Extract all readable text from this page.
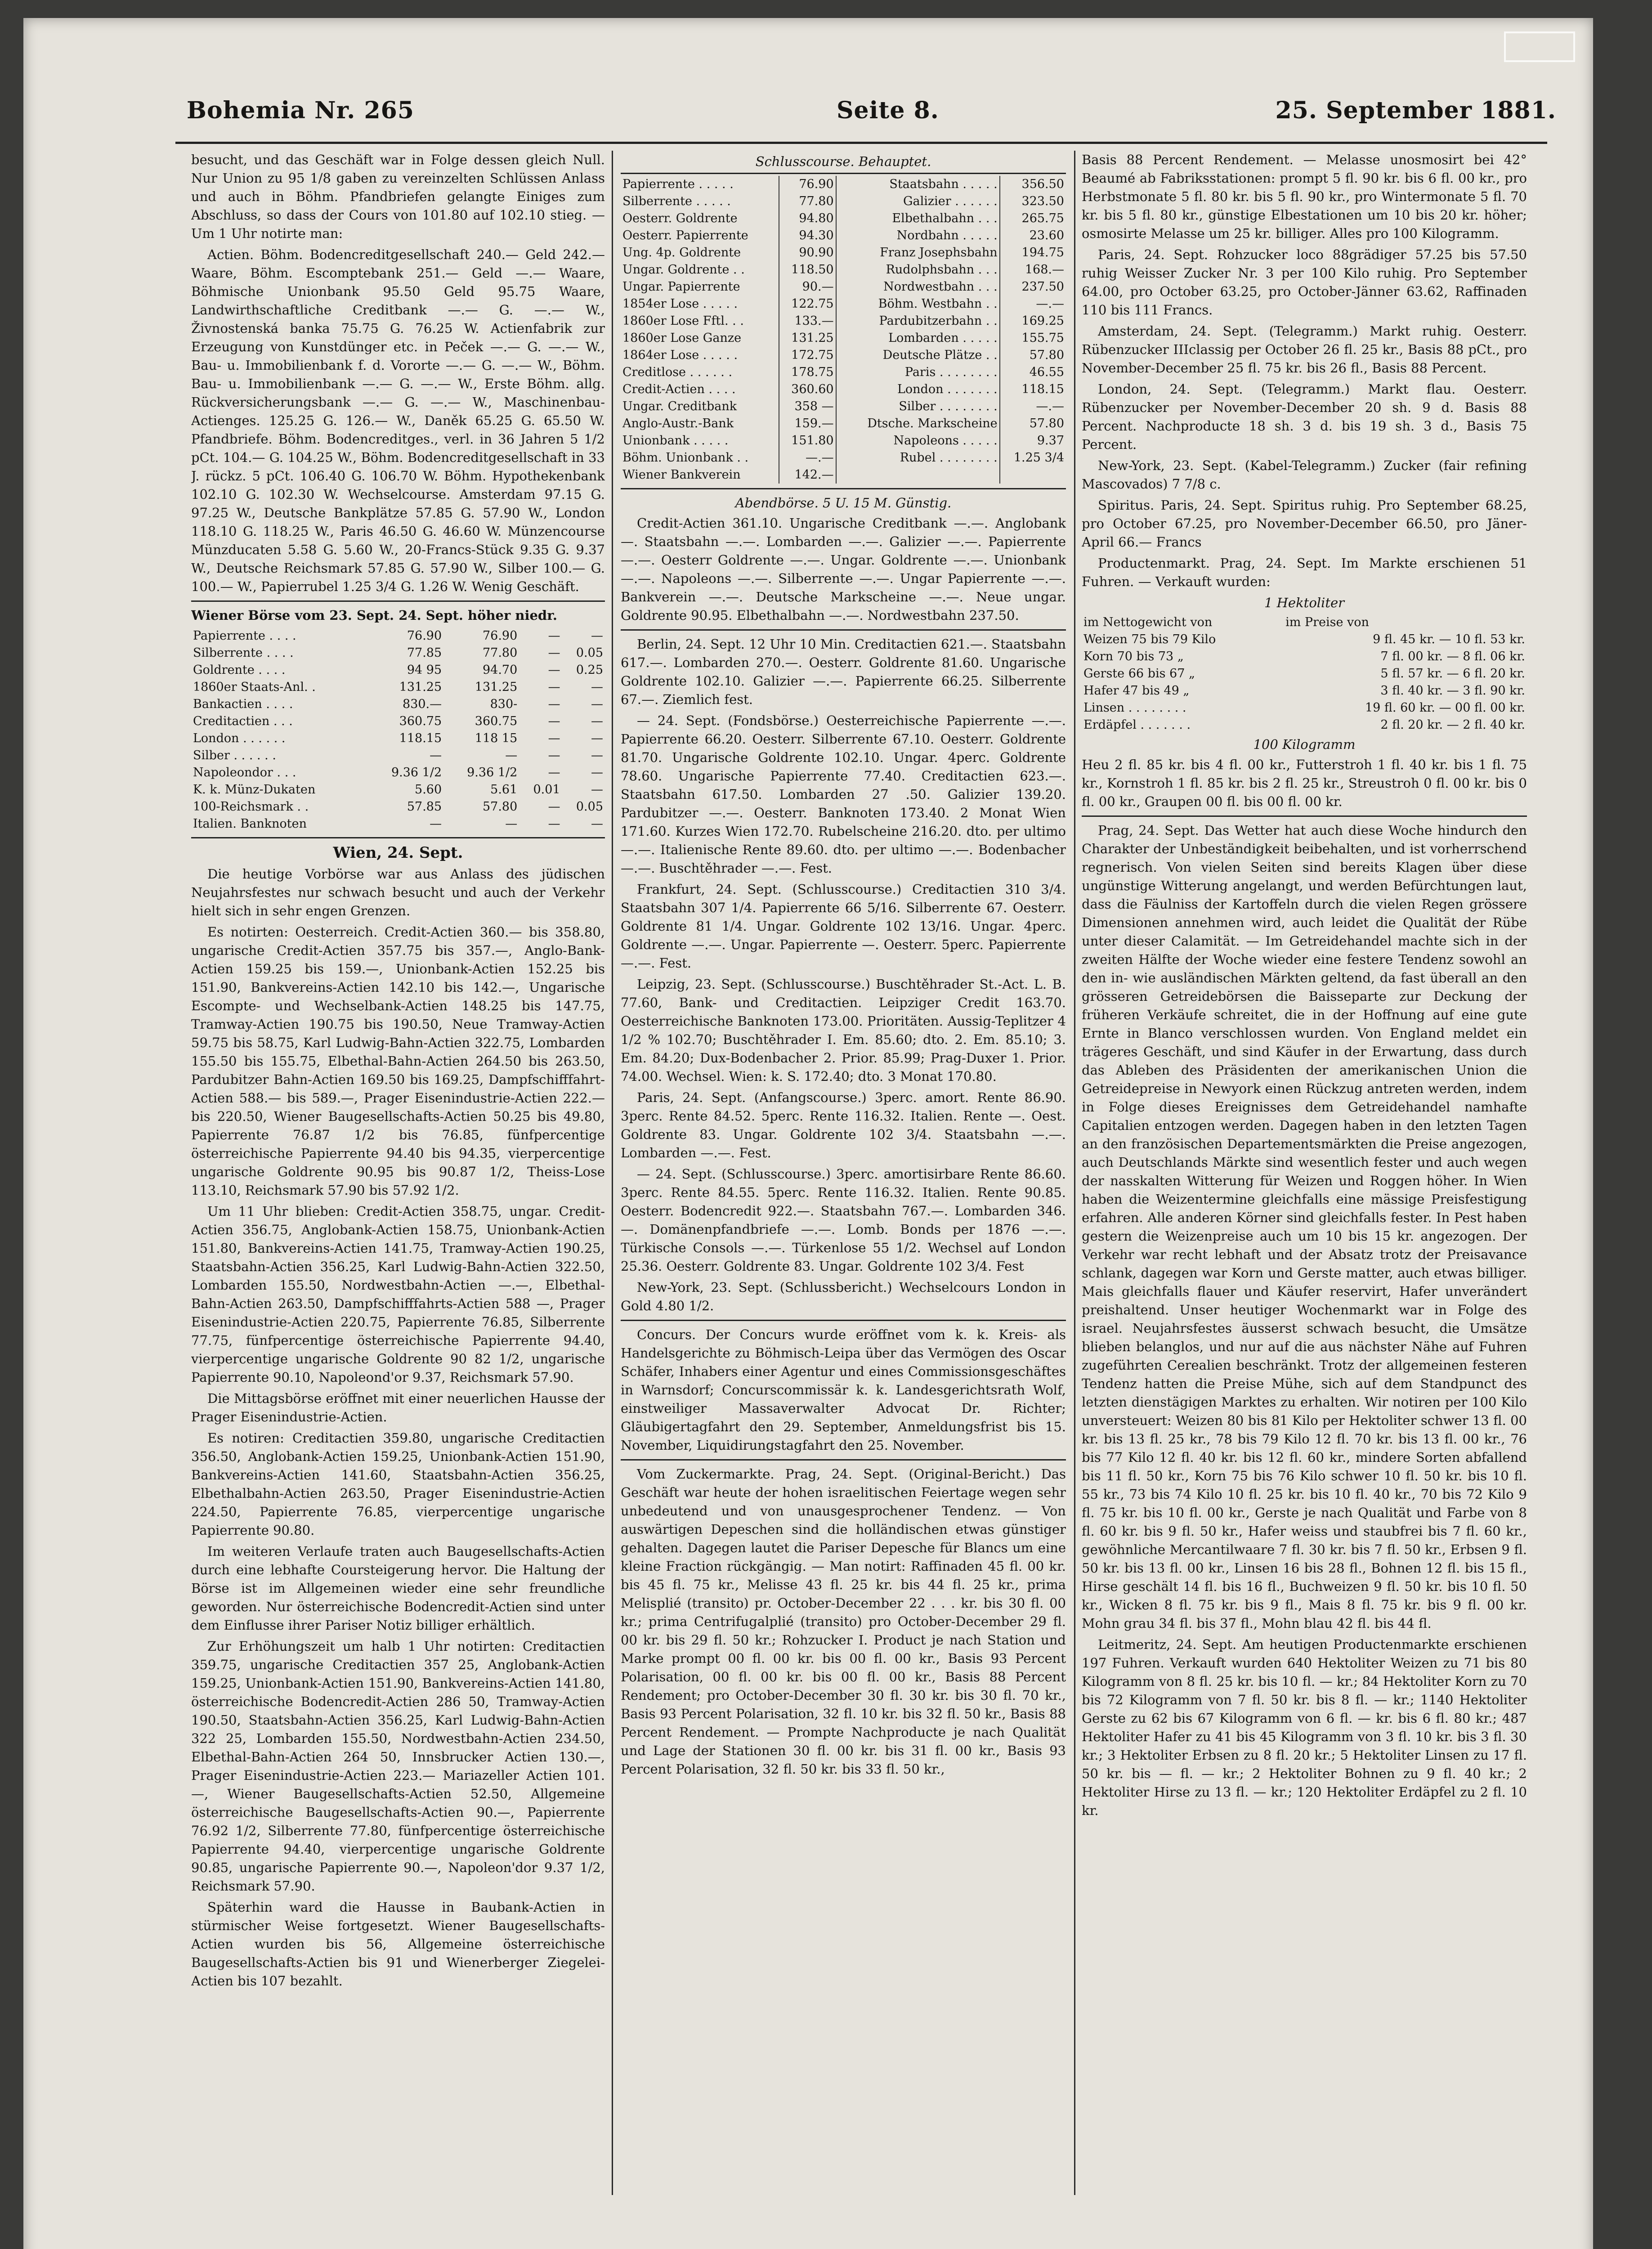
Bohemia Nr. 265	Seite 8.	25. September 1881.

besucht, und das Geschäft war in Folge dessen gleich Null. Nur Union zu 95 1/8 gaben zu vereinzelten Schlüssen Anlass und auch in Böhm. Pfandbriefen gelangte Einiges zum Abschluss, so dass der Cours von 101.80 auf 102.10 stieg. — Um 1 Uhr notirte man:

Actien. Böhm. Bodencreditgesellschaft 240.— Geld 242.— Waare, Böhm. Escomptebank 251.— Geld —.— Waare, Böhmische Unionbank 95.50 Geld 95.75 Waare, Landwirthschaftliche Creditbank —.— G. —.— W., Živnostenská banka 75.75 G. 76.25 W. Actienfabrik zur Erzeugung von Kunstdünger etc. in Peček —.— G. —.— W., Bau- u. Immobilienbank f. d. Vororte —.— G. —.— W., Böhm. Bau- u. Immobilienbank —.— G. —.— W., Erste Böhm. allg. Rückversicherungsbank —.— G. —.— W., Maschinenbau-Actienges. 125.25 G. 126.— W., Daněk 65.25 G. 65.50 W. Pfandbriefe. Böhm. Bodencreditges., verl. in 36 Jahren 5 1/2 pCt. 104.— G. 104.25 W., Böhm. Bodencreditgesellschaft in 33 J. rückz. 5 pCt. 106.40 G. 106.70 W. Böhm. Hypothekenbank 102.10 G. 102.30 W. Wechselcourse. Amsterdam 97.15 G. 97.25 W., Deutsche Bankplätze 57.85 G. 57.90 W., London 118.10 G. 118.25 W., Paris 46.50 G. 46.60 W. Münzencourse Münzducaten 5.58 G. 5.60 W., 20-Francs-Stück 9.35 G. 9.37 W., Deutsche Reichsmark 57.85 G. 57.90 W., Silber 100.— G. 100.— W., Papierrubel 1.25 3/4 G. 1.26 W. Wenig Geschäft.

Wiener Börse vom 23. Sept. 24. Sept. höher niedr.

Papierrente . . . .	76.90	76.90	—	—
Silberrente . . . .	77.85	77.80	—	0.05
Goldrente . . . .	94 95	94.70	—	0.25
1860er Staats-Anl. .	131.25	131.25	—	—
Bankactien . . . .	830.—	830-	—	—
Creditactien . . .	360.75	360.75	—	—
London . . . . . .	118.15	118 15	—	—
Silber . . . . . .	—	—	—	—
Napoleondor . . .	9.36 1/2	9.36 1/2	—	—
K. k. Münz-Dukaten	5.60	5.61	0.01	—
100-Reichsmark . .	57.85	57.80	—	0.05
Italien. Banknoten	—	—	—	—

Wien, 24. Sept.

Die heutige Vorbörse war aus Anlass des jüdischen Neujahrsfestes nur schwach besucht und auch der Verkehr hielt sich in sehr engen Grenzen.

Es notirten: Oesterreich. Credit-Actien 360.— bis 358.80, ungarische Credit-Actien 357.75 bis 357.—, Anglo-Bank-Actien 159.25 bis 159.—, Unionbank-Actien 152.25 bis 151.90, Bankvereins-Actien 142.10 bis 142.—, Ungarische Escompte- und Wechselbank-Actien 148.25 bis 147.75, Tramway-Actien 190.75 bis 190.50, Neue Tramway-Actien 59.75 bis 58.75, Karl Ludwig-Bahn-Actien 322.75, Lombarden 155.50 bis 155.75, Elbethal-Bahn-Actien 264.50 bis 263.50, Pardubitzer Bahn-Actien 169.50 bis 169.25, Dampfschifffahrt-Actien 588.— bis 589.—, Prager Eisenindustrie-Actien 222.— bis 220.50, Wiener Baugesellschafts-Actien 50.25 bis 49.80, Papierrente 76.87 1/2 bis 76.85, fünfpercentige österreichische Papierrente 94.40 bis 94.35, vierpercentige ungarische Goldrente 90.95 bis 90.87 1/2, Theiss-Lose 113.10, Reichsmark 57.90 bis 57.92 1/2.

Um 11 Uhr blieben: Credit-Actien 358.75, ungar. Credit-Actien 356.75, Anglobank-Actien 158.75, Unionbank-Actien 151.80, Bankvereins-Actien 141.75, Tramway-Actien 190.25, Staatsbahn-Actien 356.25, Karl Ludwig-Bahn-Actien 322.50, Lombarden 155.50, Nordwestbahn-Actien —.—, Elbethal-Bahn-Actien 263.50, Dampfschifffahrts-Actien 588 —, Prager Eisenindustrie-Actien 220.75, Papierrente 76.85, Silberrente 77.75, fünfpercentige österreichische Papierrente 94.40, vierpercentige ungarische Goldrente 90 82 1/2, ungarische Papierrente 90.10, Napoleond'or 9.37, Reichsmark 57.90.

Die Mittagsbörse eröffnet mit einer neuerlichen Hausse der Prager Eisenindustrie-Actien.

Es notiren: Creditactien 359.80, ungarische Creditactien 356.50, Anglobank-Actien 159.25, Unionbank-Actien 151.90, Bankvereins-Actien 141.60, Staatsbahn-Actien 356.25, Elbethalbahn-Actien 263.50, Prager Eisenindustrie-Actien 224.50, Papierrente 76.85, vierpercentige ungarische Papierrente 90.80.

Im weiteren Verlaufe traten auch Baugesellschafts-Actien durch eine lebhafte Coursteigerung hervor. Die Haltung der Börse ist im Allgemeinen wieder eine sehr freundliche geworden. Nur österreichische Bodencredit-Actien sind unter dem Einflusse ihrer Pariser Notiz billiger erhältlich.

Zur Erhöhungszeit um halb 1 Uhr notirten: Creditactien 359.75, ungarische Creditactien 357 25, Anglobank-Actien 159.25, Unionbank-Actien 151.90, Bankvereins-Actien 141.80, österreichische Bodencredit-Actien 286 50, Tramway-Actien 190.50, Staatsbahn-Actien 356.25, Karl Ludwig-Bahn-Actien 322 25, Lombarden 155.50, Nordwestbahn-Actien 234.50, Elbethal-Bahn-Actien 264 50, Innsbrucker Actien 130.—, Prager Eisenindustrie-Actien 223.— Mariazeller Actien 101.—, Wiener Baugesellschafts-Actien 52.50, Allgemeine österreichische Baugesellschafts-Actien 90.—, Papierrente 76.92 1/2, Silberrente 77.80, fünfpercentige österreichische Papierrente 94.40, vierpercentige ungarische Goldrente 90.85, ungarische Papierrente 90.—, Napoleon'dor 9.37 1/2, Reichsmark 57.90.

Späterhin ward die Hausse in Baubank-Actien in stürmischer Weise fortgesetzt. Wiener Baugesellschafts-Actien wurden bis 56, Allgemeine österreichische Baugesellschafts-Actien bis 91 und Wienerberger Ziegelei-Actien bis 107 bezahlt.

Schlusscourse. Behauptet.

Papierrente . . . . .	76.90	Staatsbahn . . . . .	356.50
Silberrente . . . . .	77.80	Galizier . . . . . .	323.50
Oesterr. Goldrente	94.80	Elbethalbahn . . .	265.75
Oesterr. Papierrente	94.30	Nordbahn . . . . .	23.60
Ung. 4p. Goldrente	90.90	Franz Josephsbahn	194.75
Ungar. Goldrente . .	118.50	Rudolphsbahn . . .	168.—
Ungar. Papierrente	90.—	Nordwestbahn . . .	237.50
1854er Lose . . . . .	122.75	Böhm. Westbahn . .	—.—
1860er Lose Fftl. . .	133.—	Pardubitzerbahn . .	169.25
1860er Lose Ganze	131.25	Lombarden . . . . .	155.75
1864er Lose . . . . .	172.75	Deutsche Plätze . .	57.80
Creditlose . . . . . .	178.75	Paris . . . . . . . .	46.55
Credit-Actien . . . .	360.60	London . . . . . . .	118.15
Ungar. Creditbank	358 —	Silber . . . . . . . .	—.—
Anglo-Austr.-Bank	159.—	Dtsche. Markscheine	57.80
Unionbank . . . . .	151.80	Napoleons . . . . .	9.37
Böhm. Unionbank . .	—.—	Rubel . . . . . . . .	1.25 3/4
Wiener Bankverein	142.—		

Abendbörse. 5 U. 15 M. Günstig.

Credit-Actien 361.10. Ungarische Creditbank —.—. Anglobank —. Staatsbahn —.—. Lombarden —.—. Galizier —.—. Papierrente —.—. Oesterr Goldrente —.—. Ungar. Goldrente —.—. Unionbank —.—. Napoleons —.—. Silberrente —.—. Ungar Papierrente —.—. Bankverein —.—. Deutsche Markscheine —.—. Neue ungar. Goldrente 90.95. Elbethalbahn —.—. Nordwestbahn 237.50.

Berlin, 24. Sept. 12 Uhr 10 Min. Creditactien 621.—. Staatsbahn 617.—. Lombarden 270.—. Oesterr. Goldrente 81.60. Ungarische Goldrente 102.10. Galizier —.—. Papierrente 66.25. Silberrente 67.—. Ziemlich fest.

— 24. Sept. (Fondsbörse.) Oesterreichische Papierrente —.—. Papierrente 66.20. Oesterr. Silberrente 67.10. Oesterr. Goldrente 81.70. Ungarische Goldrente 102.10. Ungar. 4perc. Goldrente 78.60. Ungarische Papierrente 77.40. Creditactien 623.—. Staatsbahn 617.50. Lombarden 27 .50. Galizier 139.20. Pardubitzer —.—. Oesterr. Banknoten 173.40. 2 Monat Wien 171.60. Kurzes Wien 172.70. Rubelscheine 216.20. dto. per ultimo —.—. Italienische Rente 89.60. dto. per ultimo —.—. Bodenbacher —.—. Buschtěhrader —.—. Fest.

Frankfurt, 24. Sept. (Schlusscourse.) Creditactien 310 3/4. Staatsbahn 307 1/4. Papierrente 66 5/16. Silberrente 67. Oesterr. Goldrente 81 1/4. Ungar. Goldrente 102 13/16. Ungar. 4perc. Goldrente —.—. Ungar. Papierrente —. Oesterr. 5perc. Papierrente —.—. Fest.

Leipzig, 23. Sept. (Schlusscourse.) Buschtěhrader St.-Act. L. B. 77.60, Bank- und Creditactien. Leipziger Credit 163.70. Oesterreichische Banknoten 173.00. Prioritäten. Aussig-Teplitzer 4 1/2 % 102.70; Buschtěhrader I. Em. 85.60; dto. 2. Em. 85.10; 3. Em. 84.20; Dux-Bodenbacher 2. Prior. 85.99; Prag-Duxer 1. Prior. 74.00. Wechsel. Wien: k. S. 172.40; dto. 3 Monat 170.80.

Paris, 24. Sept. (Anfangscourse.) 3perc. amort. Rente 86.90. 3perc. Rente 84.52. 5perc. Rente 116.32. Italien. Rente —. Oest. Goldrente 83. Ungar. Goldrente 102 3/4. Staatsbahn —.—. Lombarden —.—. Fest.

— 24. Sept. (Schlusscourse.) 3perc. amortisirbare Rente 86.60. 3perc. Rente 84.55. 5perc. Rente 116.32. Italien. Rente 90.85. Oesterr. Bodencredit 922.—. Staatsbahn 767.—. Lombarden 346.—. Domänenpfandbriefe —.—. Lomb. Bonds per 1876 —.—. Türkische Consols —.—. Türkenlose 55 1/2. Wechsel auf London 25.36. Oesterr. Goldrente 83. Ungar. Goldrente 102 3/4. Fest

New-York, 23. Sept. (Schlussbericht.) Wechselcours London in Gold 4.80 1/2.

Concurs. Der Concurs wurde eröffnet vom k. k. Kreis- als Handelsgerichte zu Böhmisch-Leipa über das Vermögen des Oscar Schäfer, Inhabers einer Agentur und eines Commissionsgeschäftes in Warnsdorf; Concurscommissär k. k. Landesgerichtsrath Wolf, einstweiliger Massaverwalter Advocat Dr. Richter; Gläubigertagfahrt den 29. September, Anmeldungsfrist bis 15. November, Liquidirungstagfahrt den 25. November.

Vom Zuckermarkte. Prag, 24. Sept. (Original-Bericht.) Das Geschäft war heute der hohen israelitischen Feiertage wegen sehr unbedeutend und von unausgesprochener Tendenz. — Von auswärtigen Depeschen sind die holländischen etwas günstiger gehalten. Dagegen lautet die Pariser Depesche für Blancs um eine kleine Fraction rückgängig. — Man notirt: Raffinaden 45 fl. 00 kr. bis 45 fl. 75 kr., Melisse 43 fl. 25 kr. bis 44 fl. 25 kr., prima Melisplié (transito) pr. October-December 22 . . . kr. bis 30 fl. 00 kr.; prima Centrifugalplié (transito) pro October-December 29 fl. 00 kr. bis 29 fl. 50 kr.; Rohzucker I. Product je nach Station und Marke prompt 00 fl. 00 kr. bis 00 fl. 00 kr., Basis 93 Percent Polarisation, 00 fl. 00 kr. bis 00 fl. 00 kr., Basis 88 Percent Rendement; pro October-December 30 fl. 30 kr. bis 30 fl. 70 kr., Basis 93 Percent Polarisation, 32 fl. 10 kr. bis 32 fl. 50 kr., Basis 88 Percent Rendement. — Prompte Nachproducte je nach Qualität und Lage der Stationen 30 fl. 00 kr. bis 31 fl. 00 kr., Basis 93 Percent Polarisation, 32 fl. 50 kr. bis 33 fl. 50 kr.,

Basis 88 Percent Rendement. — Melasse unosmosirt bei 42° Beaumé ab Fabriksstationen: prompt 5 fl. 90 kr. bis 6 fl. 00 kr., pro Herbstmonate 5 fl. 80 kr. bis 5 fl. 90 kr., pro Wintermonate 5 fl. 70 kr. bis 5 fl. 80 kr., günstige Elbestationen um 10 bis 20 kr. höher; osmosirte Melasse um 25 kr. billiger. Alles pro 100 Kilogramm.

Paris, 24. Sept. Rohzucker loco 88grädiger 57.25 bis 57.50 ruhig Weisser Zucker Nr. 3 per 100 Kilo ruhig. Pro September 64.00, pro October 63.25, pro October-Jänner 63.62, Raffinaden 110 bis 111 Francs.

Amsterdam, 24. Sept. (Telegramm.) Markt ruhig. Oesterr. Rübenzucker IIIclassig per October 26 fl. 25 kr., Basis 88 pCt., pro November-December 25 fl. 75 kr. bis 26 fl., Basis 88 Percent.

London, 24. Sept. (Telegramm.) Markt flau. Oesterr. Rübenzucker per November-December 20 sh. 9 d. Basis 88 Percent. Nachproducte 18 sh. 3 d. bis 19 sh. 3 d., Basis 75 Percent.

New-York, 23. Sept. (Kabel-Telegramm.) Zucker (fair refining Mascovados) 7 7/8 c.

Spiritus. Paris, 24. Sept. Spiritus ruhig. Pro September 68.25, pro October 67.25, pro November-December 66.50, pro Jäner-April 66.— Francs

Productenmarkt. Prag, 24. Sept. Im Markte erschienen 51 Fuhren. — Verkauft wurden:

1 Hektoliter

im Nettogewicht von	im Preise von
Weizen 75 bis 79 Kilo	9 fl. 45 kr. — 10 fl. 53 kr.
Korn 70 bis 73 „	7 fl. 00 kr. — 8 fl. 06 kr.
Gerste 66 bis 67 „	5 fl. 57 kr. — 6 fl. 20 kr.
Hafer 47 bis 49 „	3 fl. 40 kr. — 3 fl. 90 kr.
Linsen . . . . . . . .	19 fl. 60 kr. — 00 fl. 00 kr.
Erdäpfel . . . . . . .	2 fl. 20 kr. — 2 fl. 40 kr.

100 Kilogramm

Heu 2 fl. 85 kr. bis 4 fl. 00 kr., Futterstroh 1 fl. 40 kr. bis 1 fl. 75 kr., Kornstroh 1 fl. 85 kr. bis 2 fl. 25 kr., Streustroh 0 fl. 00 kr. bis 0 fl. 00 kr., Graupen 00 fl. bis 00 fl. 00 kr.

Prag, 24. Sept. Das Wetter hat auch diese Woche hindurch den Charakter der Unbeständigkeit beibehalten, und ist vorherrschend regnerisch. Von vielen Seiten sind bereits Klagen über diese ungünstige Witterung angelangt, und werden Befürchtungen laut, dass die Fäulniss der Kartoffeln durch die vielen Regen grössere Dimensionen annehmen wird, auch leidet die Qualität der Rübe unter dieser Calamität. — Im Getreidehandel machte sich in der zweiten Hälfte der Woche wieder eine festere Tendenz sowohl an den in- wie ausländischen Märkten geltend, da fast überall an den grösseren Getreidebörsen die Baisseparte zur Deckung der früheren Verkäufe schreitet, die in der Hoffnung auf eine gute Ernte in Blanco verschlossen wurden. Von England meldet ein trägeres Geschäft, und sind Käufer in der Erwartung, dass durch das Ableben des Präsidenten der amerikanischen Union die Getreidepreise in Newyork einen Rückzug antreten werden, indem in Folge dieses Ereignisses dem Getreidehandel namhafte Capitalien entzogen werden. Dagegen haben in den letzten Tagen an den französischen Departementsmärkten die Preise angezogen, auch Deutschlands Märkte sind wesentlich fester und auch wegen der nasskalten Witterung für Weizen und Roggen höher. In Wien haben die Weizentermine gleichfalls eine mässige Preisfestigung erfahren. Alle anderen Körner sind gleichfalls fester. In Pest haben gestern die Weizenpreise auch um 10 bis 15 kr. angezogen. Der Verkehr war recht lebhaft und der Absatz trotz der Preisavance schlank, dagegen war Korn und Gerste matter, auch etwas billiger. Mais gleichfalls flauer und Käufer reservirt, Hafer unverändert preishaltend. Unser heutiger Wochenmarkt war in Folge des israel. Neujahrsfestes äusserst schwach besucht, die Umsätze blieben belanglos, und nur auf die aus nächster Nähe auf Fuhren zugeführten Cerealien beschränkt. Trotz der allgemeinen festeren Tendenz hatten die Preise Mühe, sich auf dem Standpunct des letzten dienstägigen Marktes zu erhalten. Wir notiren per 100 Kilo unversteuert: Weizen 80 bis 81 Kilo per Hektoliter schwer 13 fl. 00 kr. bis 13 fl. 25 kr., 78 bis 79 Kilo 12 fl. 70 kr. bis 13 fl. 00 kr., 76 bis 77 Kilo 12 fl. 40 kr. bis 12 fl. 60 kr., mindere Sorten abfallend bis 11 fl. 50 kr., Korn 75 bis 76 Kilo schwer 10 fl. 50 kr. bis 10 fl. 55 kr., 73 bis 74 Kilo 10 fl. 25 kr. bis 10 fl. 40 kr., 70 bis 72 Kilo 9 fl. 75 kr. bis 10 fl. 00 kr., Gerste je nach Qualität und Farbe von 8 fl. 60 kr. bis 9 fl. 50 kr., Hafer weiss und staubfrei bis 7 fl. 60 kr., gewöhnliche Mercantilwaare 7 fl. 30 kr. bis 7 fl. 50 kr., Erbsen 9 fl. 50 kr. bis 13 fl. 00 kr., Linsen 16 bis 28 fl., Bohnen 12 fl. bis 15 fl., Hirse geschält 14 fl. bis 16 fl., Buchweizen 9 fl. 50 kr. bis 10 fl. 50 kr., Wicken 8 fl. 75 kr. bis 9 fl., Mais 8 fl. 75 kr. bis 9 fl. 00 kr. Mohn grau 34 fl. bis 37 fl., Mohn blau 42 fl. bis 44 fl.

Leitmeritz, 24. Sept. Am heutigen Productenmarkte erschienen 197 Fuhren. Verkauft wurden 640 Hektoliter Weizen zu 71 bis 80 Kilogramm von 8 fl. 25 kr. bis 10 fl. — kr.; 84 Hektoliter Korn zu 70 bis 72 Kilogramm von 7 fl. 50 kr. bis 8 fl. — kr.; 1140 Hektoliter Gerste zu 62 bis 67 Kilogramm von 6 fl. — kr. bis 6 fl. 80 kr.; 487 Hektoliter Hafer zu 41 bis 45 Kilogramm von 3 fl. 10 kr. bis 3 fl. 30 kr.; 3 Hektoliter Erbsen zu 8 fl. 20 kr.; 5 Hektoliter Linsen zu 17 fl. 50 kr. bis — fl. — kr.; 2 Hektoliter Bohnen zu 9 fl. 40 kr.; 2 Hektoliter Hirse zu 13 fl. — kr.; 120 Hektoliter Erdäpfel zu 2 fl. 10 kr.
